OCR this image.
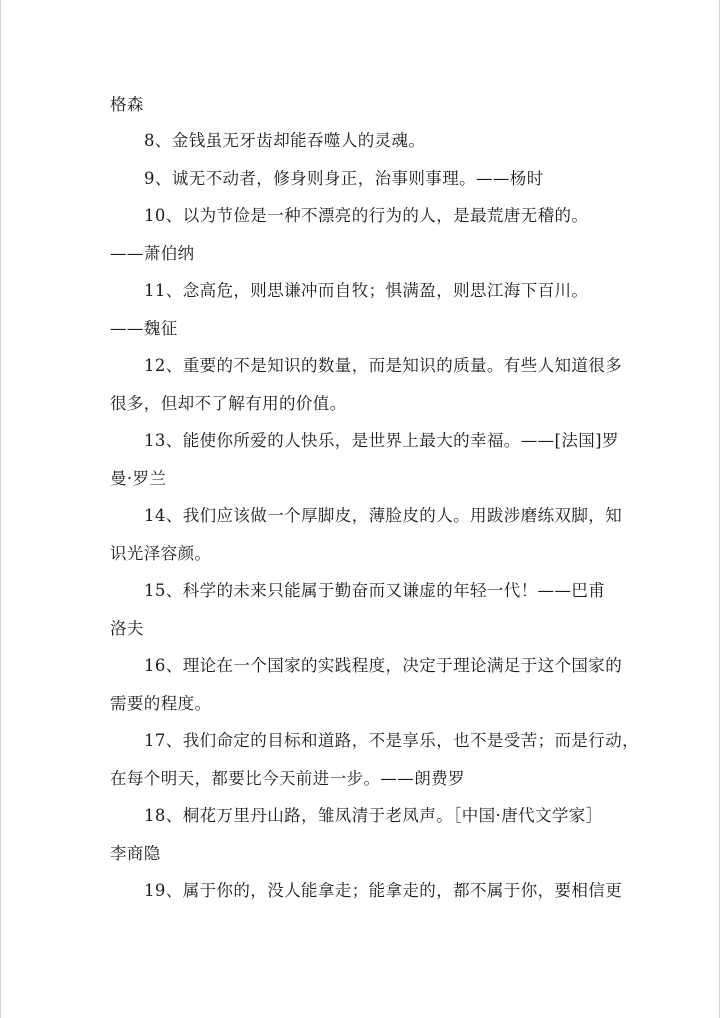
格森
8、金钱虽无牙齿却能吞噬人的灵魂。
9、诚无不动者，修身则身正，治事则事理。——杨时
10、以为节俭是一种不漂亮的行为的人，是最荒唐无稽的。
——萧伯纳
11、念高危，则思谦冲而自牧；惧满盈，则思江海下百川。
——魏征
12、重要的不是知识的数量，而是知识的质量。有些人知道很多
很多，但却不了解有用的价值。
13、能使你所爱的人快乐，是世界上最大的幸福。——[法国]罗
曼·罗兰
14、我们应该做一个厚脚皮，薄脸皮的人。用跋涉磨练双脚，知
识光泽容颜。
15、科学的未来只能属于勤奋而又谦虚的年轻一代！——巴甫
洛夫
16、理论在一个国家的实践程度，决定于理论满足于这个国家的
需要的程度。
17、我们命定的目标和道路，不是享乐，也不是受苦；而是行动，
在每个明天，都要比今天前进一步。——朗费罗
18、桐花万里丹山路，雏凤清于老凤声。［中国·唐代文学家］
李商隐
19、属于你的，没人能拿走；能拿走的，都不属于你，要相信更
